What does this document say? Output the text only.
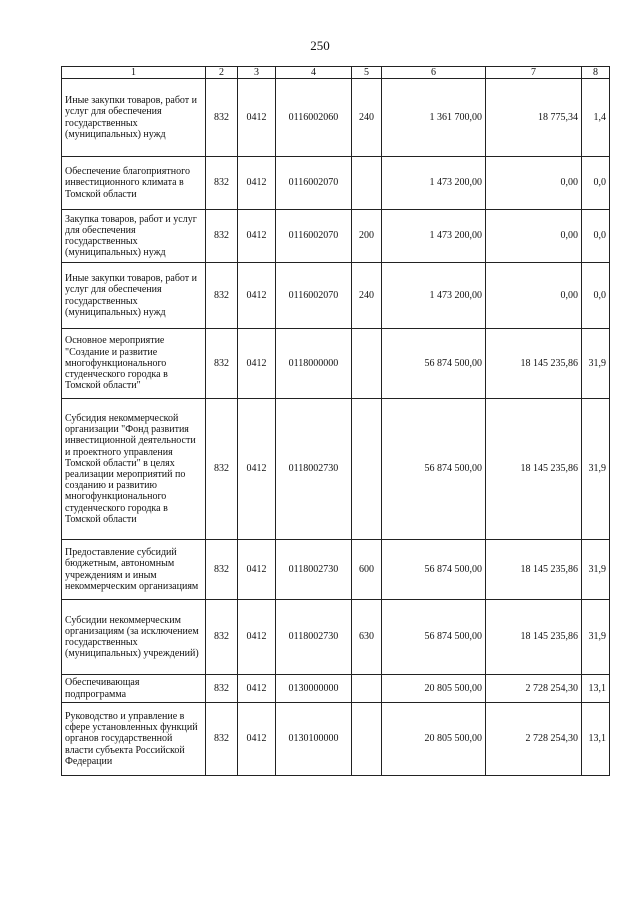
250
1	2	3	4	5	6	7	8
Иные закупки товаров, работ и услуг для обеспечения государственных (муниципальных) нужд	832	0412	0116002060	240	1 361 700,00	18 775,34	1,4
Обеспечение благоприятного инвестиционного климата в Томской области	832	0412	0116002070		1 473 200,00	0,00	0,0
Закупка товаров, работ и услуг для обеспечения государственных (муниципальных) нужд	832	0412	0116002070	200	1 473 200,00	0,00	0,0
Иные закупки товаров, работ и услуг для обеспечения государственных (муниципальных) нужд	832	0412	0116002070	240	1 473 200,00	0,00	0,0
Основное мероприятие "Создание и развитие многофункционального студенческого городка в Томской области"	832	0412	0118000000		56 874 500,00	18 145 235,86	31,9
Субсидия некоммерческой организации "Фонд развития инвестиционной деятельности и проектного управления Томской области" в целях реализации мероприятий по созданию и развитию многофункционального студенческого городка в Томской области	832	0412	0118002730		56 874 500,00	18 145 235,86	31,9
Предоставление субсидий бюджетным, автономным учреждениям и иным некоммерческим организациям	832	0412	0118002730	600	56 874 500,00	18 145 235,86	31,9
Субсидии некоммерческим организациям (за исключением государственных (муниципальных) учреждений)	832	0412	0118002730	630	56 874 500,00	18 145 235,86	31,9
Обеспечивающая подпрограмма	832	0412	0130000000		20 805 500,00	2 728 254,30	13,1
Руководство и управление в сфере установленных функций органов государственной власти субъекта Российской Федерации	832	0412	0130100000		20 805 500,00	2 728 254,30	13,1
